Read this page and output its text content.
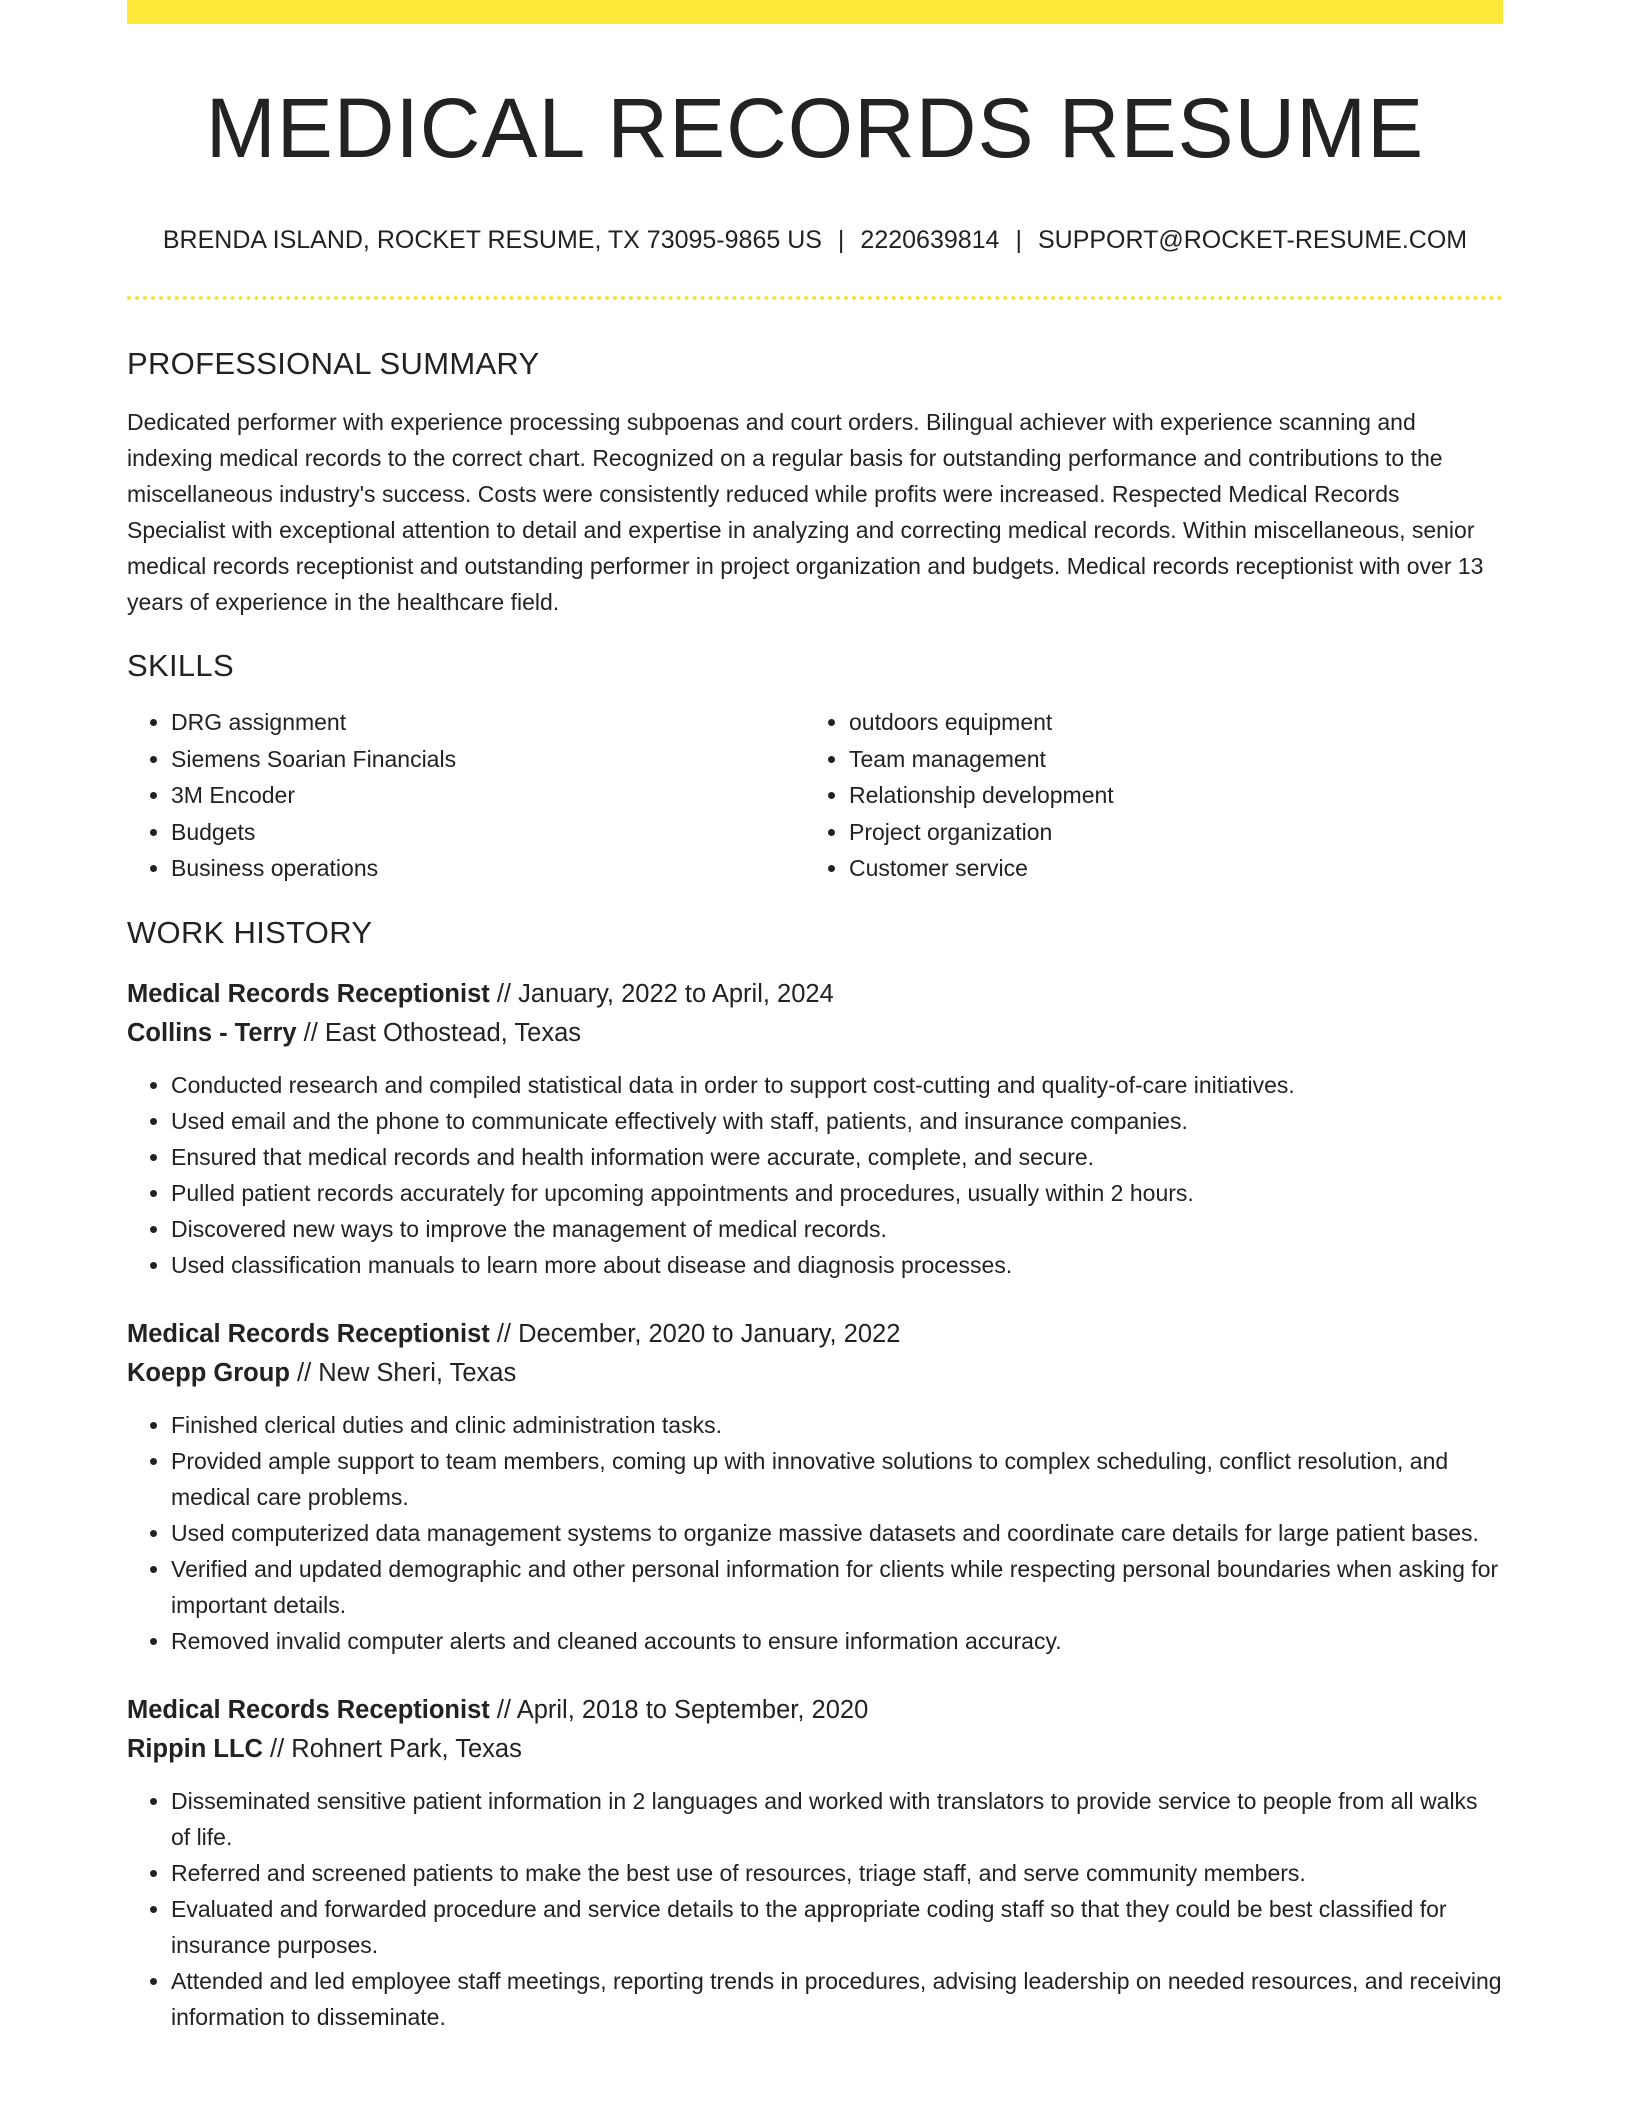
MEDICAL RECORDS RESUME
BRENDA ISLAND, ROCKET RESUME, TX 73095-9865 US | 2220639814 | SUPPORT@ROCKET-RESUME.COM
PROFESSIONAL SUMMARY

Dedicated performer with experience processing subpoenas and court orders. Bilingual achiever with experience scanning and indexing medical records to the correct chart. Recognized on a regular basis for outstanding performance and contributions to the miscellaneous industry's success. Costs were consistently reduced while profits were increased. Respected Medical Records Specialist with exceptional attention to detail and expertise in analyzing and correcting medical records. Within miscellaneous, senior medical records receptionist and outstanding performer in project organization and budgets. Medical records receptionist with over 13 years of experience in the healthcare field.

SKILLS
• DRG assignment
• Siemens Soarian Financials
• 3M Encoder
• Budgets
• Business operations
• outdoors equipment
• Team management
• Relationship development
• Project organization
• Customer service
WORK HISTORY
Medical Records Receptionist // January, 2022 to April, 2024
Collins - Terry // East Othostead, Texas
• Conducted research and compiled statistical data in order to support cost-cutting and quality-of-care initiatives.
• Used email and the phone to communicate effectively with staff, patients, and insurance companies.
• Ensured that medical records and health information were accurate, complete, and secure.
• Pulled patient records accurately for upcoming appointments and procedures, usually within 2 hours.
• Discovered new ways to improve the management of medical records.
• Used classification manuals to learn more about disease and diagnosis processes.
Medical Records Receptionist // December, 2020 to January, 2022
Koepp Group // New Sheri, Texas
• Finished clerical duties and clinic administration tasks.
• Provided ample support to team members, coming up with innovative solutions to complex scheduling, conflict resolution, and medical care problems.
• Used computerized data management systems to organize massive datasets and coordinate care details for large patient bases.
• Verified and updated demographic and other personal information for clients while respecting personal boundaries when asking for important details.
• Removed invalid computer alerts and cleaned accounts to ensure information accuracy.
Medical Records Receptionist // April, 2018 to September, 2020
Rippin LLC // Rohnert Park, Texas
• Disseminated sensitive patient information in 2 languages and worked with translators to provide service to people from all walks of life.
• Referred and screened patients to make the best use of resources, triage staff, and serve community members.
• Evaluated and forwarded procedure and service details to the appropriate coding staff so that they could be best classified for insurance purposes.
• Attended and led employee staff meetings, reporting trends in procedures, advising leadership on needed resources, and receiving information to disseminate.
